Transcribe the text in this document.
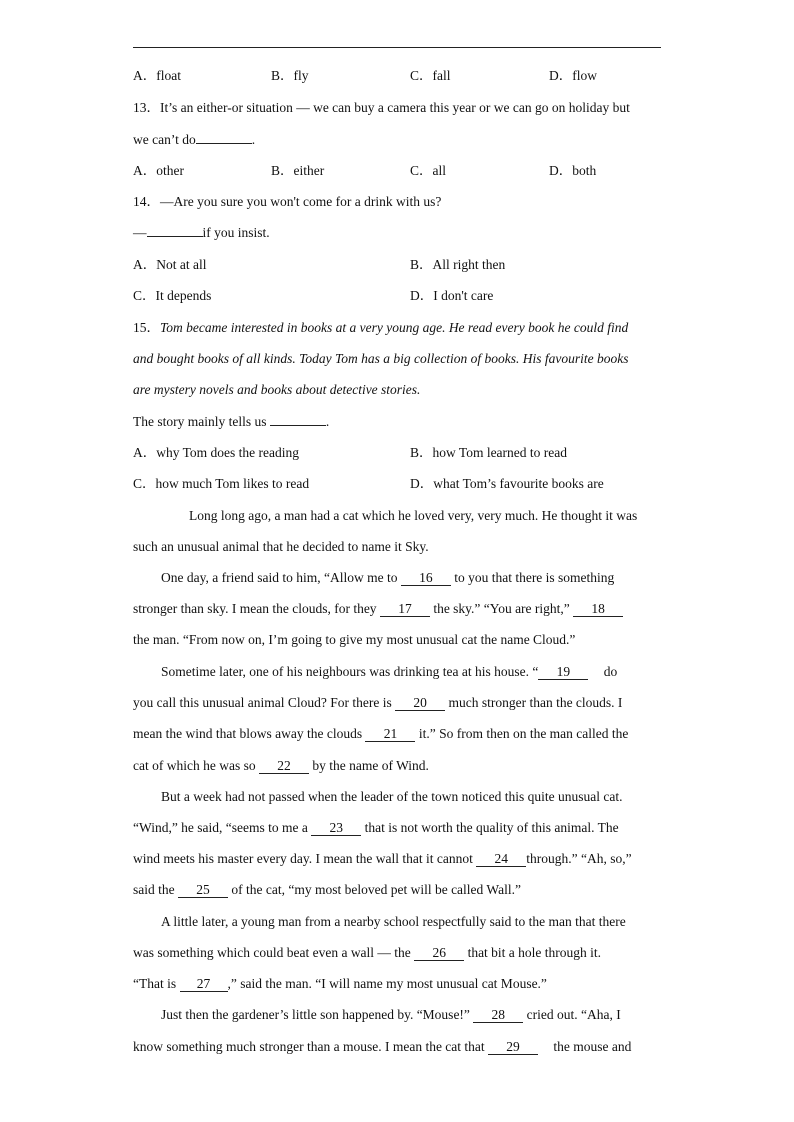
A．float	B．fly	C．fall	D．flow
13．It’s an either-or situation — we can buy a camera this year or we can go on holiday but
we can’t do	.
A．other	B．either	C．all	D．both
14．—Are you sure you won't come for a drink with us?
—	if you insist.
A．Not at all	B．All right then
C．It depends	D．I don't care
15．Tom became interested in books at a very young age. He read every book he could find
and bought books of all kinds. Today Tom has a big collection of books. His favourite books
are mystery novels and books about detective stories.
The story mainly tells us	.
A．why Tom does the reading	B．how Tom learned to read
C．how much Tom likes to read	D．what Tom’s favourite books are
Long long ago, a man had a cat which he loved very, very much. He thought it was
such an unusual animal that he decided to name it Sky.
One day, a friend said to him, “Allow me to 16 to you that there is something
stronger than sky. I mean the clouds, for they 17 the sky.” “You are right,” 18
the man. “From now on, I’m going to give my most unusual cat the name Cloud.”
Sometime later, one of his neighbours was drinking tea at his house. “ 19 do
you call this unusual animal Cloud? For there is 20 much stronger than the clouds. I
mean the wind that blows away the clouds 21 it.” So from then on the man called the
cat of which he was so 22 by the name of Wind.
But a week had not passed when the leader of the town noticed this quite unusual cat.
“Wind,” he said, “seems to me a 23 that is not worth the quality of this animal. The
wind meets his master every day. I mean the wall that it cannot 24 through.” “Ah, so,”
said the 25 of the cat, “my most beloved pet will be called Wall.”
A little later, a young man from a nearby school respectfully said to the man that there
was something which could beat even a wall — the 26 that bit a hole through it.
“That is 27 ,” said the man. “I will name my most unusual cat Mouse.”
Just then the gardener’s little son happened by. “Mouse!” 28 cried out. “Aha, I
know something much stronger than a mouse. I mean the cat that 29 the mouse and
